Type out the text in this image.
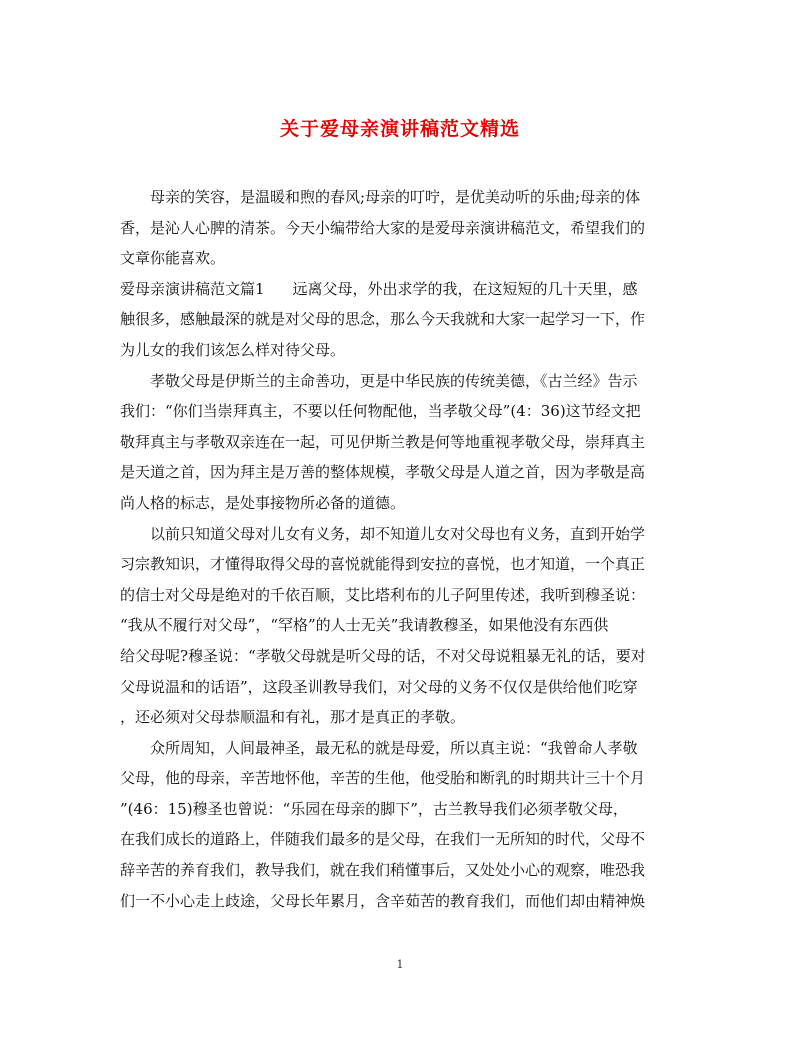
关于爱母亲演讲稿范文精选
母亲的笑容，是温暖和煦的春风;母亲的叮咛，是优美动听的乐曲;母亲的体
香，是沁人心脾的清茶。今天小编带给大家的是爱母亲演讲稿范文，希望我们的
文章你能喜欢。
爱母亲演讲稿范文篇1 远离父母，外出求学的我，在这短短的几十天里，感
触很多，感触最深的就是对父母的思念，那么今天我就和大家一起学习一下，作
为儿女的我们该怎么样对待父母。
孝敬父母是伊斯兰的主命善功，更是中华民族的传统美德，《古兰经》告示
我们：“你们当崇拜真主，不要以任何物配他，当孝敬父母”(4：36)这节经文把
敬拜真主与孝敬双亲连在一起，可见伊斯兰教是何等地重视孝敬父母，崇拜真主
是天道之首，因为拜主是万善的整体规模，孝敬父母是人道之首，因为孝敬是高
尚人格的标志，是处事接物所必备的道德。
以前只知道父母对儿女有义务，却不知道儿女对父母也有义务，直到开始学
习宗教知识，才懂得取得父母的喜悦就能得到安拉的喜悦，也才知道，一个真正
的信士对父母是绝对的千依百顺，艾比塔利布的儿子阿里传述，我听到穆圣说：
“我从不履行对父母”，“罕格”的人士无关”我请教穆圣，如果他没有东西供
给父母呢?穆圣说：“孝敬父母就是听父母的话，不对父母说粗暴无礼的话，要对
父母说温和的话语”，这段圣训教导我们，对父母的义务不仅仅是供给他们吃穿
，还必须对父母恭顺温和有礼，那才是真正的孝敬。
众所周知，人间最神圣，最无私的就是母爱，所以真主说：“我曾命人孝敬
父母，他的母亲，辛苦地怀他，辛苦的生他，他受胎和断乳的时期共计三十个月
”(46：15)穆圣也曾说：“乐园在母亲的脚下”，古兰教导我们必须孝敬父母，
在我们成长的道路上，伴随我们最多的是父母，在我们一无所知的时代，父母不
辞辛苦的养育我们，教导我们，就在我们稍懂事后，又处处小心的观察，唯恐我
们一不小心走上歧途，父母长年累月，含辛茹苦的教育我们，而他们却由精神焕
1
